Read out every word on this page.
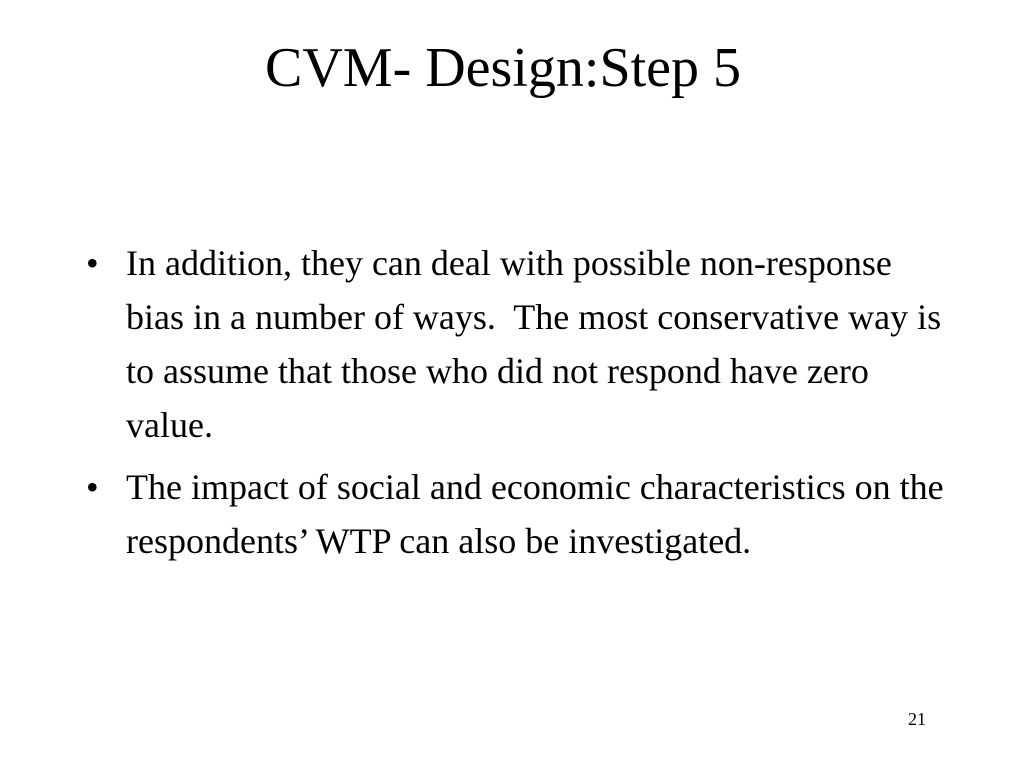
CVM- Design:Step 5
• In addition, they can deal with possible non-response bias in a number of ways.  The most conservative way is to assume that those who did not respond have zero value.
• The impact of social and economic characteristics on the respondents’ WTP can also be investigated.
21
